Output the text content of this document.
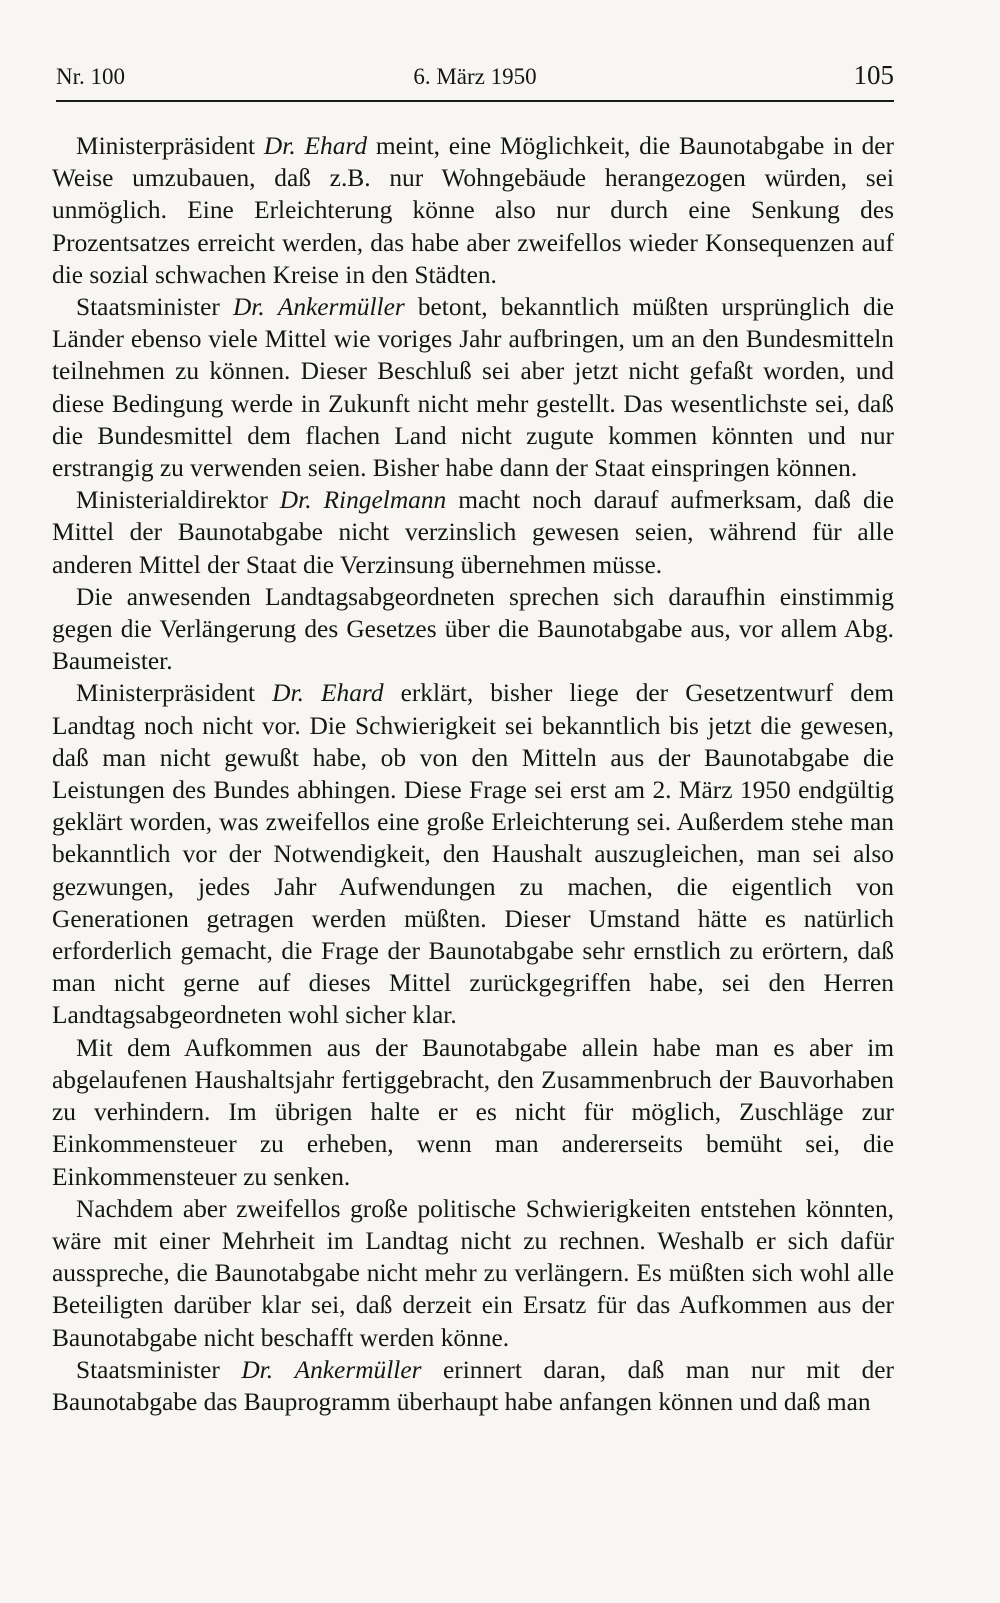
Nr. 100	6. März 1950	105

Ministerpräsident Dr. Ehard meint, eine Möglichkeit, die Baunotabgabe in der Weise umzubauen, daß z.B. nur Wohngebäude herangezogen würden, sei unmöglich. Eine Erleichterung könne also nur durch eine Senkung des Prozentsatzes erreicht werden, das habe aber zweifellos wieder Konsequenzen auf die sozial schwachen Kreise in den Städten.

Staatsminister Dr. Ankermüller betont, bekanntlich müßten ursprünglich die Länder ebenso viele Mittel wie voriges Jahr aufbringen, um an den Bundesmitteln teilnehmen zu können. Dieser Beschluß sei aber jetzt nicht gefaßt worden, und diese Bedingung werde in Zukunft nicht mehr gestellt. Das wesentlichste sei, daß die Bundesmittel dem flachen Land nicht zugute kommen könnten und nur erstrangig zu verwenden seien. Bisher habe dann der Staat einspringen können.

Ministerialdirektor Dr. Ringelmann macht noch darauf aufmerksam, daß die Mittel der Baunotabgabe nicht verzinslich gewesen seien, während für alle anderen Mittel der Staat die Verzinsung übernehmen müsse.

Die anwesenden Landtagsabgeordneten sprechen sich daraufhin einstimmig gegen die Verlängerung des Gesetzes über die Baunotabgabe aus, vor allem Abg. Baumeister.

Ministerpräsident Dr. Ehard erklärt, bisher liege der Gesetzentwurf dem Landtag noch nicht vor. Die Schwierigkeit sei bekanntlich bis jetzt die gewesen, daß man nicht gewußt habe, ob von den Mitteln aus der Baunotabgabe die Leistungen des Bundes abhingen. Diese Frage sei erst am 2. März 1950 endgültig geklärt worden, was zweifellos eine große Erleichterung sei. Außerdem stehe man bekanntlich vor der Notwendigkeit, den Haushalt auszugleichen, man sei also gezwungen, jedes Jahr Aufwendungen zu machen, die eigentlich von Generationen getragen werden müßten. Dieser Umstand hätte es natürlich erforderlich gemacht, die Frage der Baunotabgabe sehr ernstlich zu erörtern, daß man nicht gerne auf dieses Mittel zurückgegriffen habe, sei den Herren Landtagsabgeordneten wohl sicher klar.

Mit dem Aufkommen aus der Baunotabgabe allein habe man es aber im abgelaufenen Haushaltsjahr fertiggebracht, den Zusammenbruch der Bauvorhaben zu verhindern. Im übrigen halte er es nicht für möglich, Zuschläge zur Einkommensteuer zu erheben, wenn man andererseits bemüht sei, die Einkommensteuer zu senken.

Nachdem aber zweifellos große politische Schwierigkeiten entstehen könnten, wäre mit einer Mehrheit im Landtag nicht zu rechnen. Weshalb er sich dafür ausspreche, die Baunotabgabe nicht mehr zu verlängern. Es müßten sich wohl alle Beteiligten darüber klar sei, daß derzeit ein Ersatz für das Aufkommen aus der Baunotabgabe nicht beschafft werden könne.

Staatsminister Dr. Ankermüller erinnert daran, daß man nur mit der Baunotabgabe das Bauprogramm überhaupt habe anfangen können und daß man
